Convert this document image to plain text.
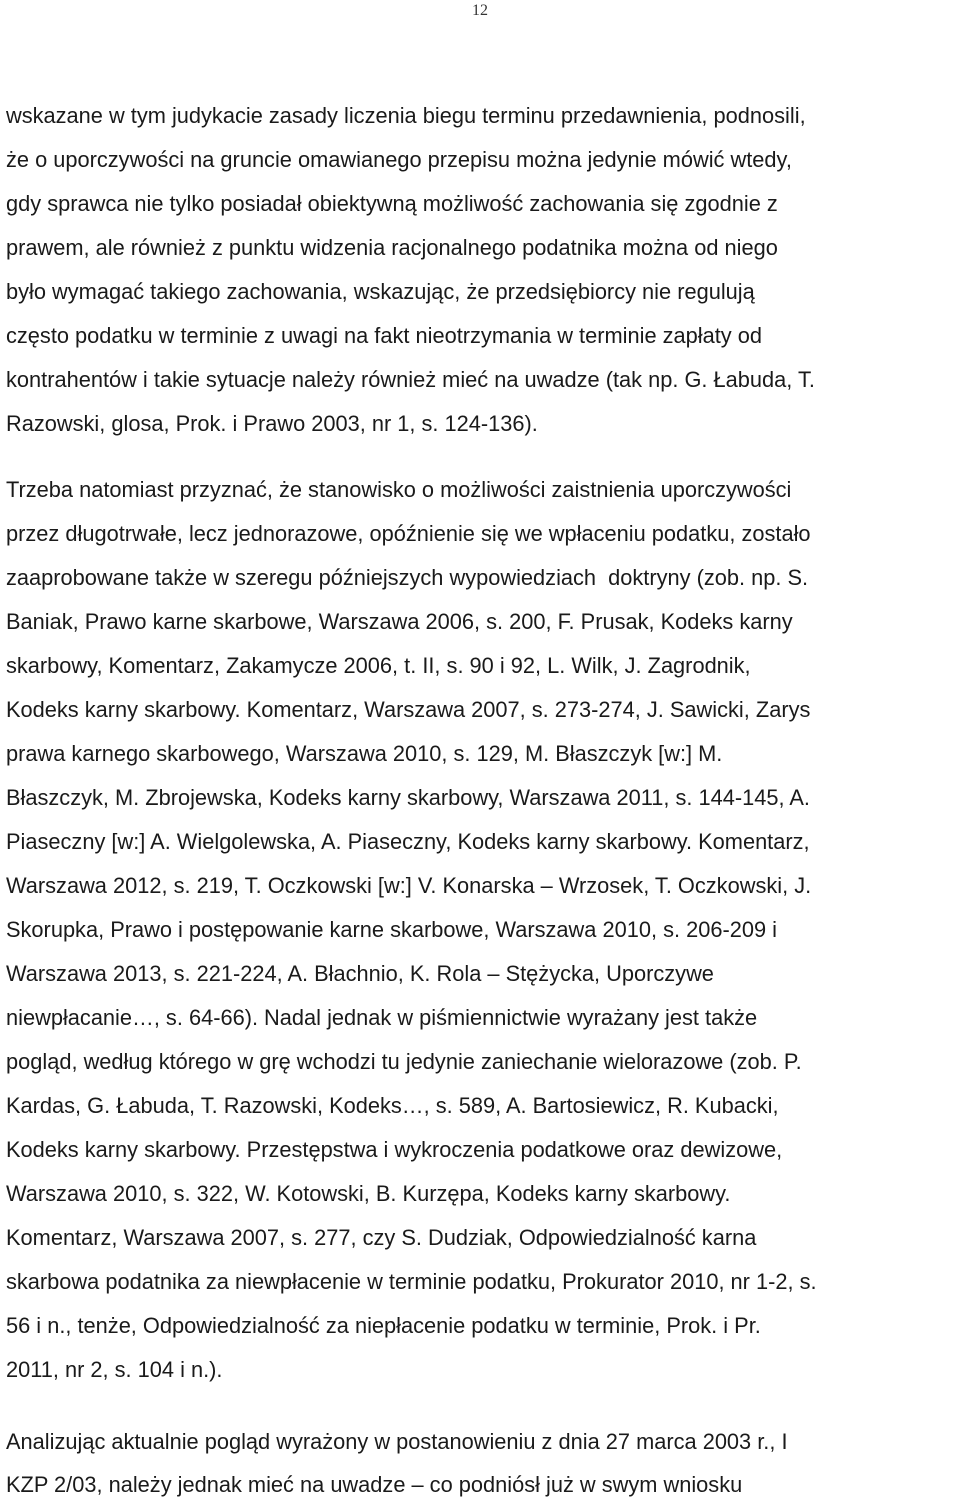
12
wskazane w tym judykacie zasady liczenia biegu terminu przedawnienia, podnosili,
że o uporczywości na gruncie omawianego przepisu można jedynie mówić wtedy,
gdy sprawca nie tylko posiadał obiektywną możliwość zachowania się zgodnie z
prawem, ale również z punktu widzenia racjonalnego podatnika można od niego
było wymagać takiego zachowania, wskazując, że przedsiębiorcy nie regulują
często podatku w terminie z uwagi na fakt nieotrzymania w terminie zapłaty od
kontrahentów i takie sytuacje należy również mieć na uwadze (tak np. G. Łabuda, T.
Razowski, glosa, Prok. i Prawo 2003, nr 1, s. 124-136).
Trzeba natomiast przyznać, że stanowisko o możliwości zaistnienia uporczywości
przez długotrwałe, lecz jednorazowe, opóźnienie się we wpłaceniu podatku, zostało
zaaprobowane także w szeregu późniejszych wypowiedziach  doktryny (zob. np. S.
Baniak, Prawo karne skarbowe, Warszawa 2006, s. 200, F. Prusak, Kodeks karny
skarbowy, Komentarz, Zakamycze 2006, t. II, s. 90 i 92, L. Wilk, J. Zagrodnik,
Kodeks karny skarbowy. Komentarz, Warszawa 2007, s. 273-274, J. Sawicki, Zarys
prawa karnego skarbowego, Warszawa 2010, s. 129, M. Błaszczyk [w:] M.
Błaszczyk, M. Zbrojewska, Kodeks karny skarbowy, Warszawa 2011, s. 144-145, A.
Piaseczny [w:] A. Wielgolewska, A. Piaseczny, Kodeks karny skarbowy. Komentarz,
Warszawa 2012, s. 219, T. Oczkowski [w:] V. Konarska – Wrzosek, T. Oczkowski, J.
Skorupka, Prawo i postępowanie karne skarbowe, Warszawa 2010, s. 206-209 i
Warszawa 2013, s. 221-224, A. Błachnio, K. Rola – Stężycka, Uporczywe
niewpłacanie…, s. 64-66). Nadal jednak w piśmiennictwie wyrażany jest także
pogląd, według którego w grę wchodzi tu jedynie zaniechanie wielorazowe (zob. P.
Kardas, G. Łabuda, T. Razowski, Kodeks…, s. 589, A. Bartosiewicz, R. Kubacki,
Kodeks karny skarbowy. Przestępstwa i wykroczenia podatkowe oraz dewizowe,
Warszawa 2010, s. 322, W. Kotowski, B. Kurzępa, Kodeks karny skarbowy.
Komentarz, Warszawa 2007, s. 277, czy S. Dudziak, Odpowiedzialność karna
skarbowa podatnika za niewpłacenie w terminie podatku, Prokurator 2010, nr 1-2, s.
56 i n., tenże, Odpowiedzialność za niepłacenie podatku w terminie, Prok. i Pr.
2011, nr 2, s. 104 i n.).
Analizując aktualnie pogląd wyrażony w postanowieniu z dnia 27 marca 2003 r., I
KZP 2/03, należy jednak mieć na uwadze – co podniósł już w swym wniosku
